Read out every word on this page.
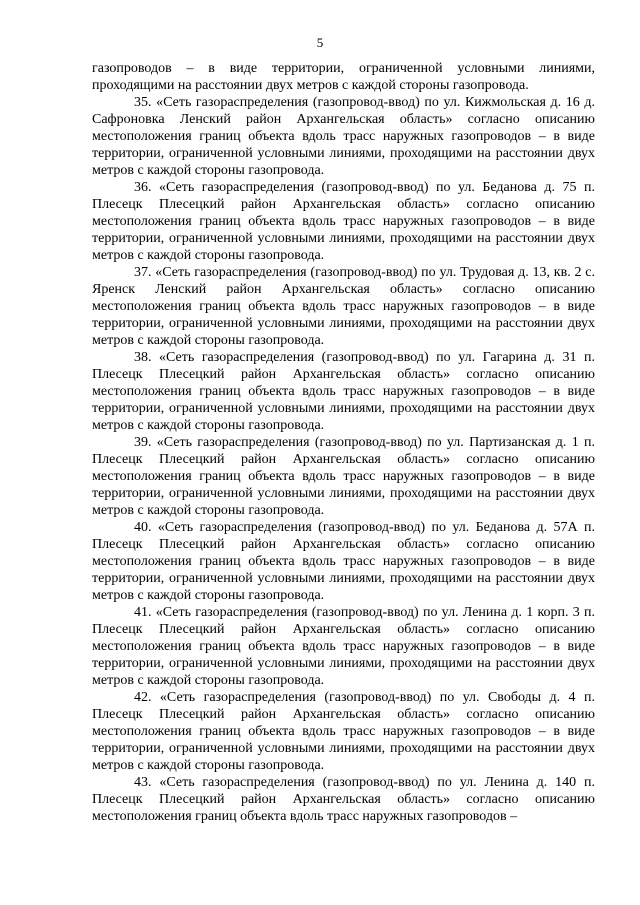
5

газопроводов – в виде территории, ограниченной условными линиями, проходящими на расстоянии двух метров с каждой стороны газопровода.

35. «Сеть газораспределения (газопровод-ввод) по ул. Кижмольская д. 16 д. Сафроновка Ленский район Архангельская область» согласно описанию местоположения границ объекта вдоль трасс наружных газопроводов – в виде территории, ограниченной условными линиями, проходящими на расстоянии двух метров с каждой стороны газопровода.

36. «Сеть газораспределения (газопровод-ввод) по ул. Беданова д. 75 п. Плесецк Плесецкий район Архангельская область» согласно описанию местоположения границ объекта вдоль трасс наружных газопроводов – в виде территории, ограниченной условными линиями, проходящими на расстоянии двух метров с каждой стороны газопровода.

37. «Сеть газораспределения (газопровод-ввод) по ул. Трудовая д. 13, кв. 2 с. Яренск Ленский район Архангельская область» согласно описанию местоположения границ объекта вдоль трасс наружных газопроводов – в виде территории, ограниченной условными линиями, проходящими на расстоянии двух метров с каждой стороны газопровода.

38. «Сеть газораспределения (газопровод-ввод) по ул. Гагарина д. 31 п. Плесецк Плесецкий район Архангельская область» согласно описанию местоположения границ объекта вдоль трасс наружных газопроводов – в виде территории, ограниченной условными линиями, проходящими на расстоянии двух метров с каждой стороны газопровода.

39. «Сеть газораспределения (газопровод-ввод) по ул. Партизанская д. 1 п. Плесецк Плесецкий район Архангельская область» согласно описанию местоположения границ объекта вдоль трасс наружных газопроводов – в виде территории, ограниченной условными линиями, проходящими на расстоянии двух метров с каждой стороны газопровода.

40. «Сеть газораспределения (газопровод-ввод) по ул. Беданова д. 57А п. Плесецк Плесецкий район Архангельская область» согласно описанию местоположения границ объекта вдоль трасс наружных газопроводов – в виде территории, ограниченной условными линиями, проходящими на расстоянии двух метров с каждой стороны газопровода.

41. «Сеть газораспределения (газопровод-ввод) по ул. Ленина д. 1 корп. 3 п. Плесецк Плесецкий район Архангельская область» согласно описанию местоположения границ объекта вдоль трасс наружных газопроводов – в виде территории, ограниченной условными линиями, проходящими на расстоянии двух метров с каждой стороны газопровода.

42. «Сеть газораспределения (газопровод-ввод) по ул. Свободы д. 4 п. Плесецк Плесецкий район Архангельская область» согласно описанию местоположения границ объекта вдоль трасс наружных газопроводов – в виде территории, ограниченной условными линиями, проходящими на расстоянии двух метров с каждой стороны газопровода.

43. «Сеть газораспределения (газопровод-ввод) по ул. Ленина д. 140 п. Плесецк Плесецкий район Архангельская область» согласно описанию местоположения границ объекта вдоль трасс наружных газопроводов –
